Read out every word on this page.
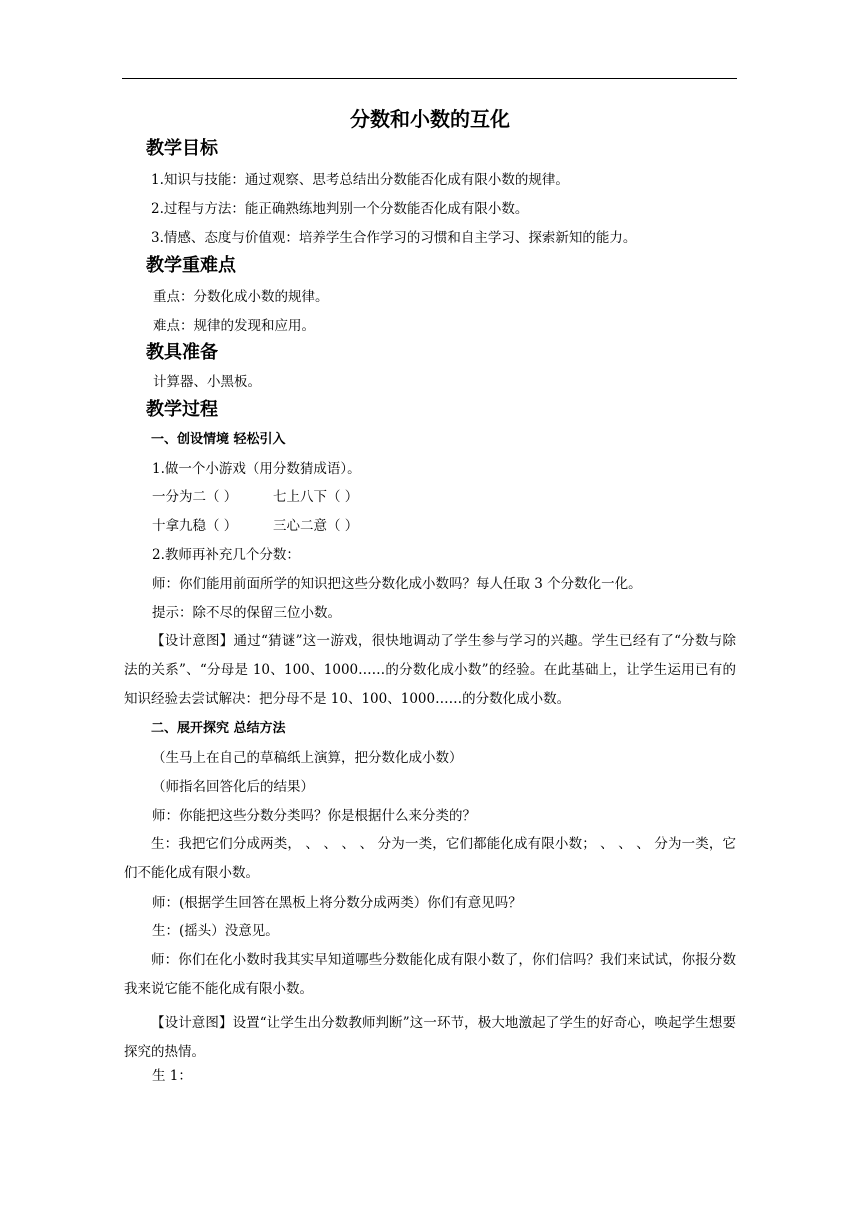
分数和小数的互化
教学目标
1.知识与技能：通过观察、思考总结出分数能否化成有限小数的规律。
2.过程与方法：能正确熟练地判别一个分数能否化成有限小数。
3.情感、态度与价值观：培养学生合作学习的习惯和自主学习、探索新知的能力。
教学重难点
重点：分数化成小数的规律。
难点：规律的发现和应用。
教具准备
计算器、小黑板。
教学过程
一、创设情境 轻松引入
1.做一个小游戏（用分数猜成语）。
一分为二（ ）	七上八下（ ）
十拿九稳（ ）	三心二意（ ）
2.教师再补充几个分数：
师：你们能用前面所学的知识把这些分数化成小数吗？每人任取 3 个分数化一化。
提示：除不尽的保留三位小数。
【设计意图】通过“猜谜”这一游戏，很快地调动了学生参与学习的兴趣。学生已经有了“分数与除法的关系”、“分母是 10、100、1000……的分数化成小数”的经验。在此基础上，让学生运用已有的知识经验去尝试解决：把分母不是 10、100、1000……的分数化成小数。
二、展开探究 总结方法
（生马上在自己的草稿纸上演算，把分数化成小数）
（师指名回答化后的结果）
师：你能把这些分数分类吗？你是根据什么来分类的？
生：我把它们分成两类， 、 、 、 、 分为一类，它们都能化成有限小数； 、 、 、 分为一类，它们不能化成有限小数。
师：(根据学生回答在黑板上将分数分成两类）你们有意见吗？
生：(摇头）没意见。
师：你们在化小数时我其实早知道哪些分数能化成有限小数了，你们信吗？我们来试试，你报分数我来说它能不能化成有限小数。
【设计意图】设置“让学生出分数教师判断”这一环节，极大地激起了学生的好奇心，唤起学生想要探究的热情。
生 1：
